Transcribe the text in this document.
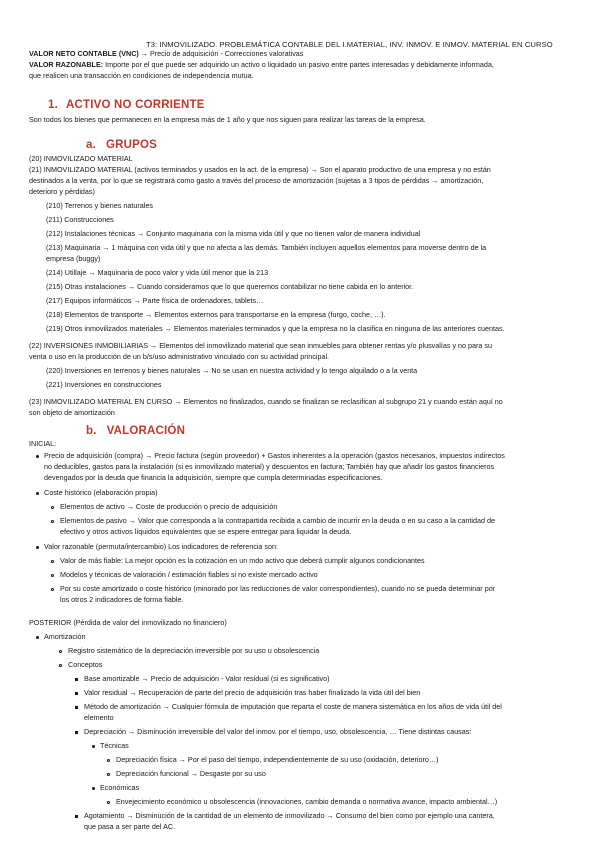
T3: INMOVILIZADO. PROBLEMÁTICA CONTABLE DEL I.MATERIAL, INV. INMOV. E INMOV. MATERIAL EN CURSO
VALOR NETO CONTABLE (VNC) → Precio de adquisición - Correcciones valorativas
VALOR RAZONABLE: Importe por el que puede ser adquirido un activo o liquidado un pasivo entre partes interesadas y debidamente informada,
que realicen una transacción en condiciones de independencia mutua.
1. ACTIVO NO CORRIENTE
Son todos los bienes que permanecen en la empresa más de 1 año y que nos siguen para realizar las tareas de la empresa.
a. GRUPOS
(20) INMOVILIZADO MATERIAL
(21) INMOVILIZADO MATERIAL (activos terminados y usados en la act. de la empresa) → Son el aparato productivo de una empresa y no están
destinados a la venta, por lo que se registrará como gasto a través del proceso de amortización (sujetas a 3 tipos de pérdidas → amortización,
deterioro y pérdidas)
(210) Terrenos y bienes naturales
(211) Construcciones
(212) Instalaciones técnicas → Conjunto maquinaria con la misma vida útil y que no tienen valor de manera individual
(213) Maquinaria → 1 máquina con vida útil y que no afecta a las demás. También incluyen aquellos elementos para moverse dentro de la
empresa (buggy)
(214) Utillaje → Maquinaria de poco valor y vida útil menor que la 213
(215) Otras instalaciones → Cuando consideramos que lo que queremos contabilizar no tiene cabida en lo anterior.
(217) Equipos informáticos → Parte física de ordenadores, tablets…
(218) Elementos de transporte → Elementos externos para transportarse en la empresa (furgo, coche, …).
(219) Otros inmovilizados materiales → Elementos materiales terminados y que la empresa no la clasifica en ninguna de las anteriores cuentas.
(22) INVERSIONES INMOBILIARIAS → Elementos del inmovilizado material que sean inmuebles para obtener rentas y/o plusvalías y no para su
venta o uso en la producción de un b/s/uso administrativo vinculado con su actividad principal.
(220) Inversiones en terrenos y bienes naturales → No se usan en nuestra actividad y lo tengo alquilado o a la venta
(221) Inversiones en construcciones
(23) INMOVILIZADO MATERIAL EN CURSO → Elementos no finalizados, cuando se finalizan se reclasifican al subgrupo 21 y cuando están aquí no
son objeto de amortización
b. VALORACIÓN
INICIAL:
Precio de adquisición (compra) → Precio factura (según proveedor) + Gastos inherentes a la operación (gastos necesarios, impuestos indirectos
no deducibles, gastos para la instalación (si es inmovilizado material) y descuentos en factura; También hay que añadir los gastos financieros
devengados por la deuda que financia la adquisición, siempre que cumpla determinadas especificaciones.
Coste histórico (elaboración propia)
Elementos de activo → Coste de producción o precio de adquisición
Elementos de pasivo → Valor que corresponda a la contrapartida recibida a cambio de incurrir en la deuda o en su caso a la cantidad de
efectivo y otros activos líquidos equivalentes que se espere entregar para liquidar la deuda.
Valor razonable (permuta/intercambio) Los indicadores de referencia son:
Valor de más fiable: La mejor opción es la cotización en un mdo activo que deberá cumplir algunos condicionantes
Modelos y técnicas de valoración / estimación fiables si no existe mercado activo
Por su coste amortizado o coste histórico (minorado por las reducciones de valor correspondientes), cuando no se pueda determinar por
los otros 2 indicadores de forma fiable.
POSTERIOR (Pérdida de valor del inmovilizado no financiero)
Amortización
Registro sistemático de la depreciación irreversible por su uso u obsolescencia
Conceptos
Base amortizable → Precio de adquisición - Valor residual (si es significativo)
Valor residual → Recuperación de parte del precio de adquisición tras haber finalizado la vida útil del bien
Método de amortización → Cualquier fórmula de imputación que reparta el coste de manera sistemática en los años de vida útil del
elemento
Depreciación → Disminución irreversible del valor del inmov. por el tiempo, uso, obsolescencia, … Tiene distintas causas:
Técnicas
Depreciación física → Por el paso del tiempo, independientemente de su uso (oxidación, deterioro…)
Depreciación funcional → Desgaste por su uso
Económicas
Envejecimiento económico u obsolescencia (innovaciones, cambio demanda o normativa avance, impacto ambiental…)
Agotamiento → Disminución de la cantidad de un elemento de inmovilizado → Consumo del bien como por ejemplo una cantera,
que pasa a ser parte del AC.
